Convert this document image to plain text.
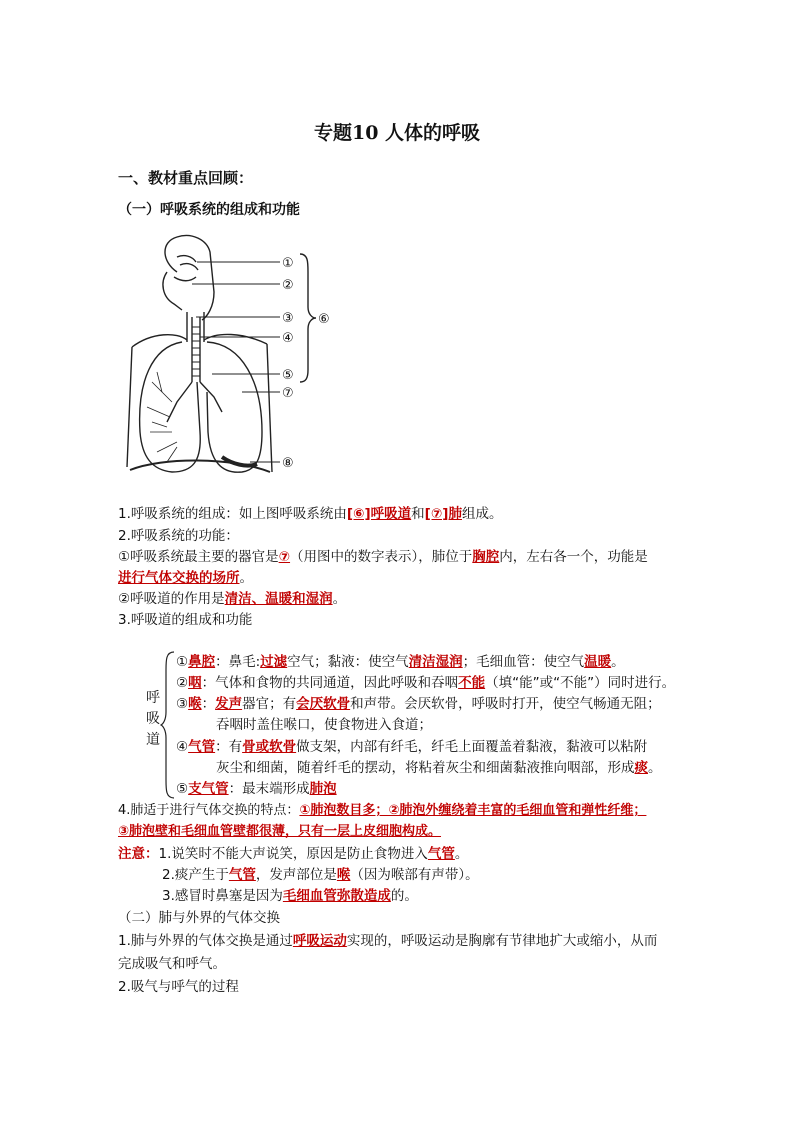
专题10 人体的呼吸
一、教材重点回顾：
（一）呼吸系统的组成和功能
①
②
③
④
⑤
⑦
⑧
⑥
1.呼吸系统的组成：如上图呼吸系统由[⑥]呼吸道和[⑦]肺组成。
2.呼吸系统的功能：
①呼吸系统最主要的器官是⑦（用图中的数字表示），肺位于胸腔内，左右各一个，功能是
进行气体交换的场所。
②呼吸道的作用是清洁、温暖和湿润。
3.呼吸道的组成和功能
呼
吸
道
①鼻腔：鼻毛:过滤空气；黏液：使空气清洁湿润；毛细血管：使空气温暖。
②咽：气体和食物的共同通道，因此呼吸和吞咽不能（填“能”或“不能”）同时进行。
③喉：发声器官；有会厌软骨和声带。会厌软骨，呼吸时打开，使空气畅通无阻；
吞咽时盖住喉口，使食物进入食道；
④气管：有骨或软骨做支架，内部有纤毛，纤毛上面覆盖着黏液，黏液可以粘附
灰尘和细菌，随着纤毛的摆动，将粘着灰尘和细菌黏液推向咽部，形成痰。
⑤支气管：最末端形成肺泡
4.肺适于进行气体交换的特点：①肺泡数目多；②肺泡外缠绕着丰富的毛细血管和弹性纤维；
③肺泡壁和毛细血管壁都很薄，只有一层上皮细胞构成。
注意：1.说笑时不能大声说笑，原因是防止食物进入气管。
2.痰产生于气管，发声部位是喉（因为喉部有声带）。
3.感冒时鼻塞是因为毛细血管弥散造成的。
（二）肺与外界的气体交换
1.肺与外界的气体交换是通过呼吸运动实现的，呼吸运动是胸廓有节律地扩大或缩小，从而
完成吸气和呼气。
2.吸气与呼气的过程
